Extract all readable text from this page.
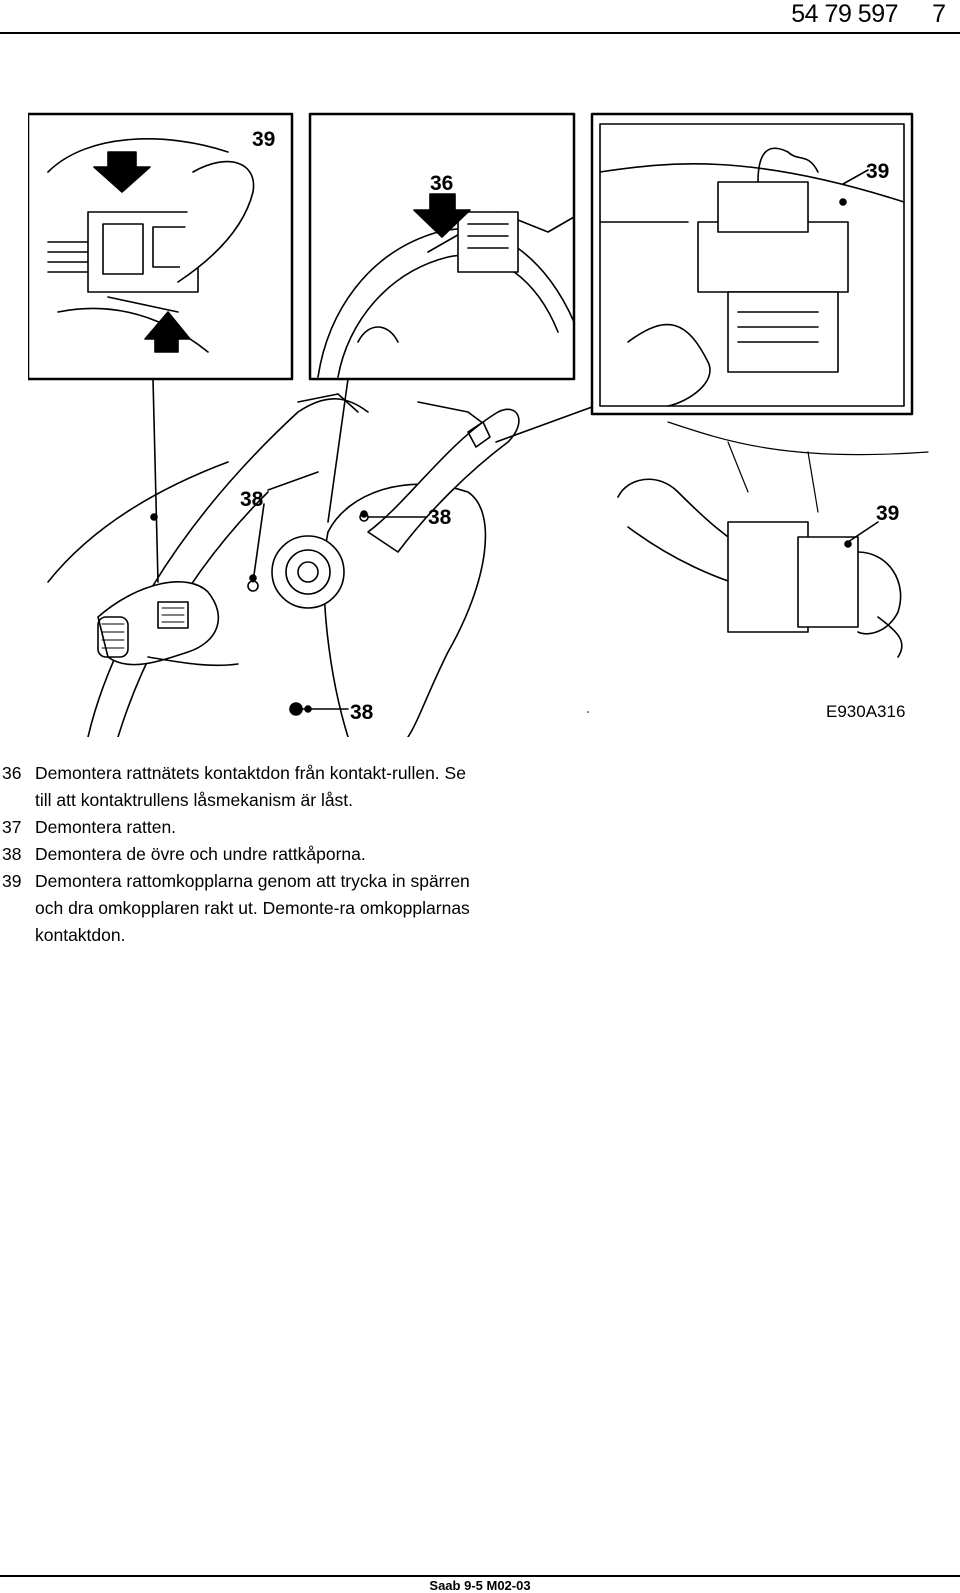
54 79 597 7
39
36
39
38
38	39
38	E930A316
36 Demontera rattnätets kontaktdon från kontakt-rullen. Se till att kontaktrullens låsmekanism är låst.
37 Demontera ratten.
38 Demontera de övre och undre rattkåporna.
39 Demontera rattomkopplarna genom att trycka in spärren och dra omkopplaren rakt ut. Demonte-ra omkopplarnas kontaktdon.
Saab 9-5 M02-03
